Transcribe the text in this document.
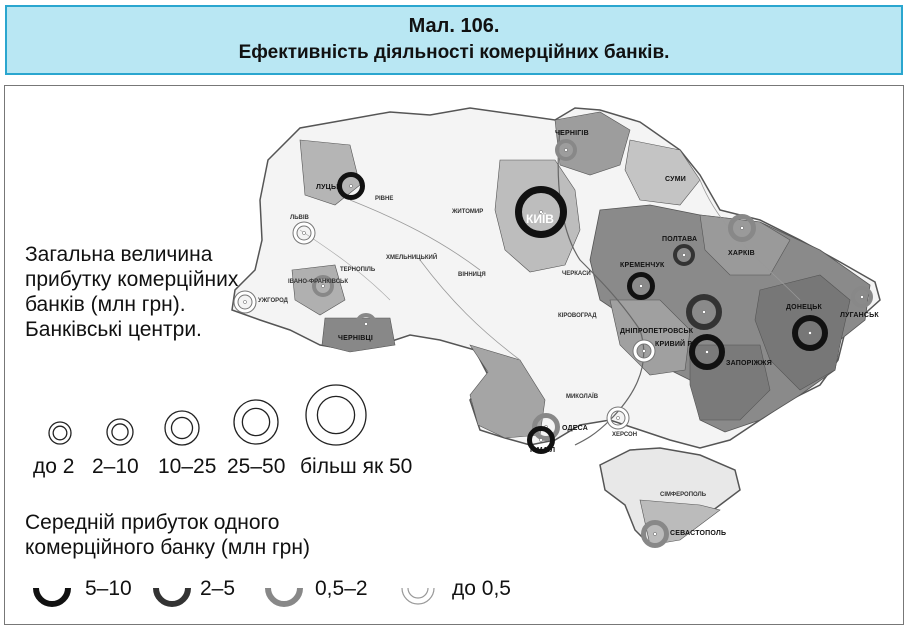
Мал. 106.
Ефективність діяльності комерційних банків.
КИЇВ
ЧЕРНІГІВ
СУМИ
ХАРКІВ
ПОЛТАВА
КРЕМЕНЧУК
ЛУГАНСЬК
ДОНЕЦЬК
ДНІПРОПЕТРОВСЬК
КРИВИЙ РІГ
ЗАПОРІЖЖЯ
ЛУЦЬК
РІВНЕ
ЛЬВІВ
ЖИТОМИР
ІВАНО-ФРАНКІВСЬК
УЖГОРОД
ТЕРНОПІЛЬ
ХМЕЛЬНИЦЬКИЙ
ВІННИЦЯ	ЧЕРКАСИ
КІРОВОГРАД
ЧЕРНІВЦІ
МИКОЛАЇВ
ОДЕСА
ІЗМАЇЛ
ХЕРСОН
СІМФЕРОПОЛЬ
СЕВАСТОПОЛЬ
Загальна величина прибутку комерційних банків (млн грн). Банківські центри.
до 2 2–10 10–25 25–50 більш як 50
Середній прибуток одного комерційного банку (млн грн)
5–10	2–5	0,5–2	до 0,5
